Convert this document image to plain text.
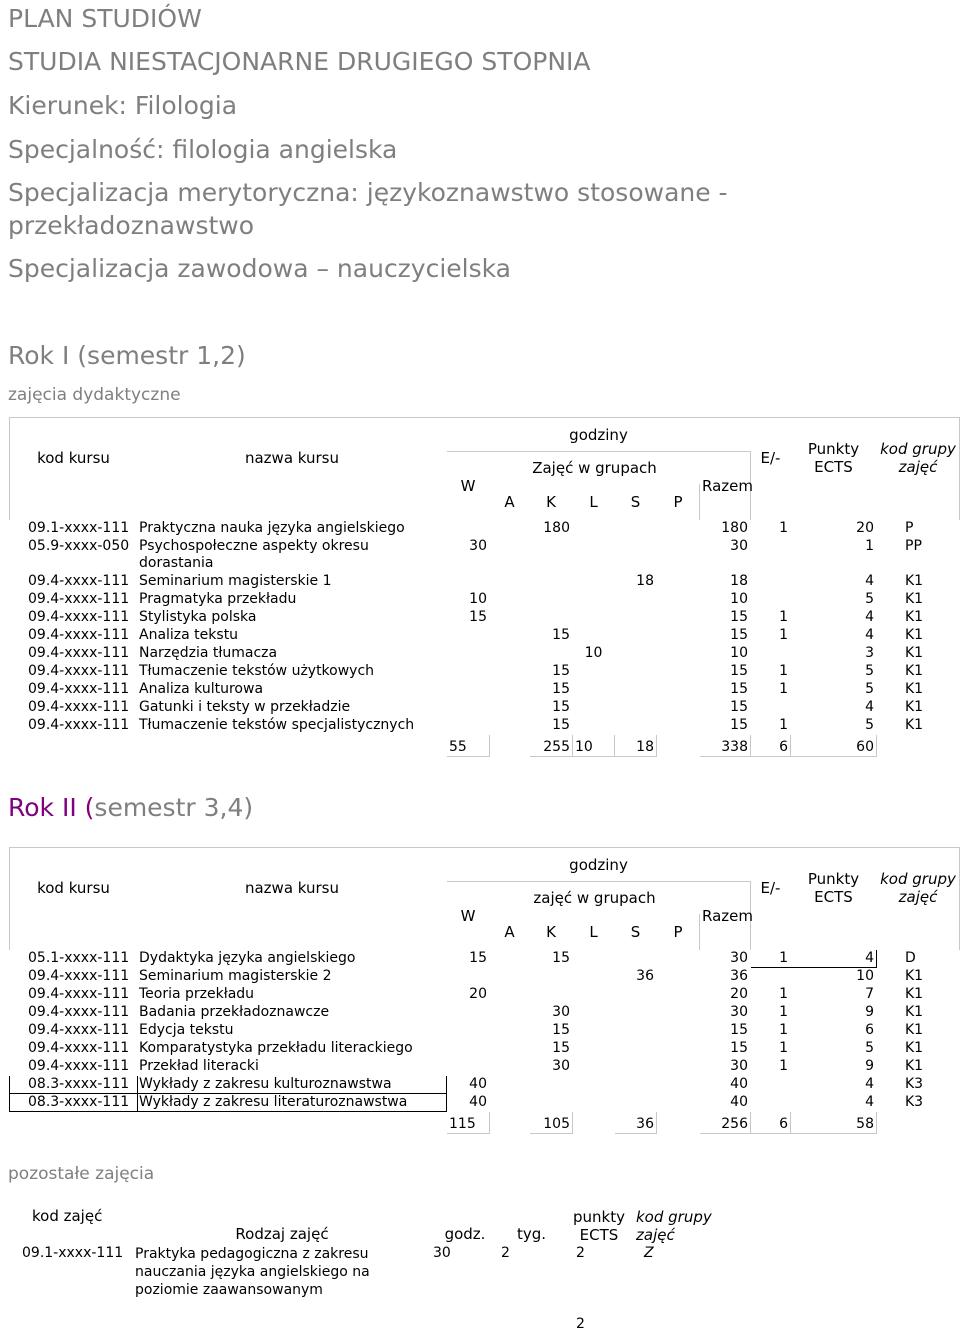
PLAN STUDIÓW
STUDIA NIESTACJONARNE DRUGIEGO STOPNIA
Kierunek: Filologia
Specjalność: filologia angielska
Specjalizacja merytoryczna: językoznawstwo stosowane -
przekładoznawstwo
Specjalizacja zawodowa – nauczycielska
Rok I (semestr 1,2)
zajęcia dydaktyczne
kod kursu	nazwa kursu	godziny							E/-	Punkty ECTS	kod grupy zajęć
		W	Zajęć w grupach					Razem			
			A	K	L	S	P				
09.1-xxxx-111	Praktyczna nauka języka angielskiego			180				180	1	20	P
05.9-xxxx-050	Psychospołeczne aspekty okresu dorastania	30						30		1	PP
09.4-xxxx-111	Seminarium magisterskie 1					18		18		4	K1
09.4-xxxx-111	Pragmatyka przekładu	10						10		5	K1
09.4-xxxx-111	Stylistyka polska	15						15	1	4	K1
09.4-xxxx-111	Analiza tekstu			15				15	1	4	K1
09.4-xxxx-111	Narzędzia tłumacza				10			10		3	K1
09.4-xxxx-111	Tłumaczenie tekstów użytkowych			15				15	1	5	K1
09.4-xxxx-111	Analiza kulturowa			15				15	1	5	K1
09.4-xxxx-111	Gatunki i teksty w przekładzie			15				15		4	K1
09.4-xxxx-111	Tłumaczenie tekstów specjalistycznych			15				15	1	5	K1
		55		255	10	18		338	6	60	
Rok II (semestr 3,4)
kod kursu	nazwa kursu	godziny							E/-	Punkty ECTS	kod grupy zajęć
		W	zajęć w grupach					Razem			
			A	K	L	S	P				
05.1-xxxx-111	Dydaktyka języka angielskiego	15		15				30	1	4	D
09.4-xxxx-111	Seminarium magisterskie 2					36		36		10	K1
09.4-xxxx-111	Teoria przekładu	20						20	1	7	K1
09.4-xxxx-111	Badania przekładoznawcze			30				30	1	9	K1
09.4-xxxx-111	Edycja tekstu			15				15	1	6	K1
09.4-xxxx-111	Komparatystyka przekładu literackiego			15				15	1	5	K1
09.4-xxxx-111	Przekład literacki			30				30	1	9	K1
08.3-xxxx-111	Wykłady z zakresu kulturoznawstwa	40						40		4	K3
08.3-xxxx-111	Wykłady z zakresu literaturoznawstwa	40						40		4	K3
		115		105		36		256	6	58	
pozostałe zajęcia
kod zajęć	Rodzaj zajęć	godz.	tyg.	punkty ECTS	kod grupy zajęć
09.1-xxxx-111	Praktyka pedagogiczna z zakresu nauczania języka angielskiego na poziomie zaawansowanym	30	2	2	Z
				2	
